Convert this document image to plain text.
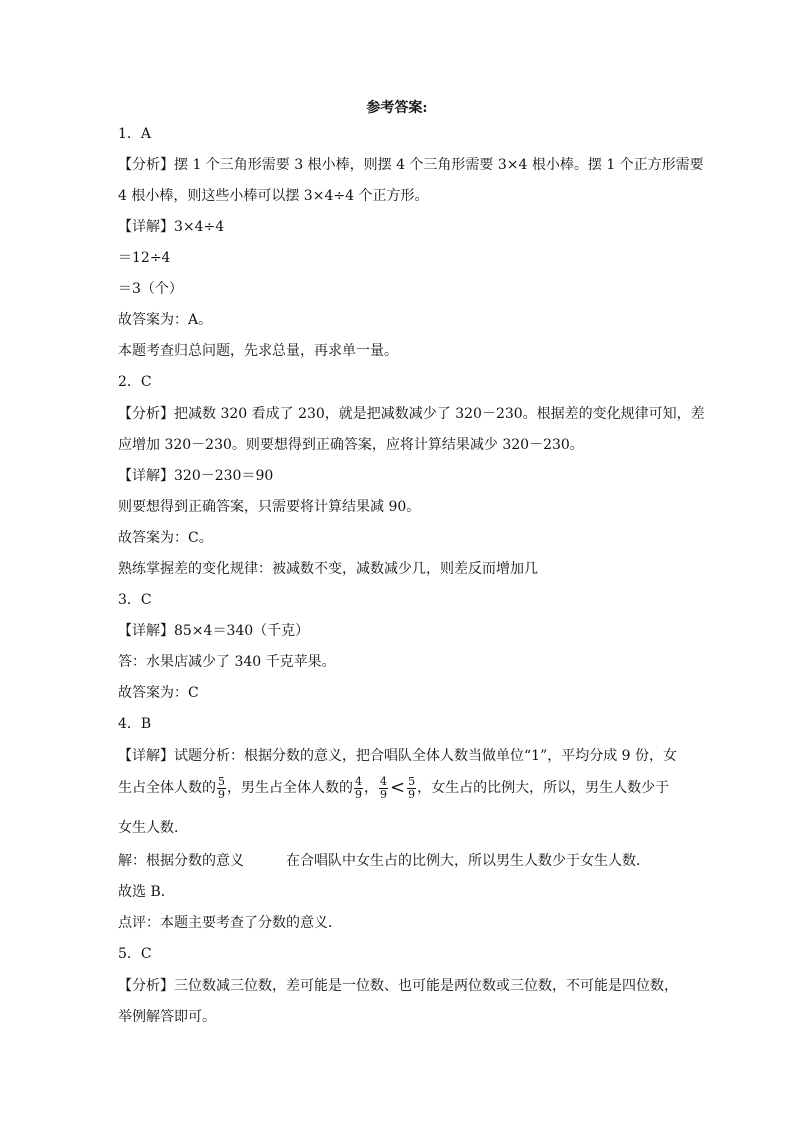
参考答案:
1．A
【分析】摆 1 个三角形需要 3 根小棒，则摆 4 个三角形需要 3×4 根小棒。摆 1 个正方形需要
4 根小棒，则这些小棒可以摆 3×4÷4 个正方形。
【详解】3×4÷4
＝12÷4
＝3（个）
故答案为：A。
本题考查归总问题，先求总量，再求单一量。
2．C
【分析】把减数 320 看成了 230，就是把减数减少了 320－230。根据差的变化规律可知，差
应增加 320－230。则要想得到正确答案，应将计算结果减少 320－230。
【详解】320－230＝90
则要想得到正确答案，只需要将计算结果减 90。
故答案为：C。
熟练掌握差的变化规律：被减数不变，减数减少几，则差反而增加几
3．C
【详解】85×4＝340（千克）
答：水果店减少了 340 千克苹果。
故答案为：C
4．B
【详解】试题分析：根据分数的意义，把合唱队全体人数当做单位“1”，平均分成 9 份，女
生占全体人数的 $\frac{5}{9}$ ，男生占全体人数的 $\frac{4}{9}$ ， $\frac{4}{9} < \frac{5}{9}$ ，女生占的比例大，所以，男生人数少于
女生人数．
解：根据分数的意义	在合唱队中女生占的比例大，所以男生人数少于女生人数．
故选 B．
点评：本题主要考查了分数的意义．
5．C
【分析】三位数减三位数，差可能是一位数、也可能是两位数或三位数，不可能是四位数，
举例解答即可。
